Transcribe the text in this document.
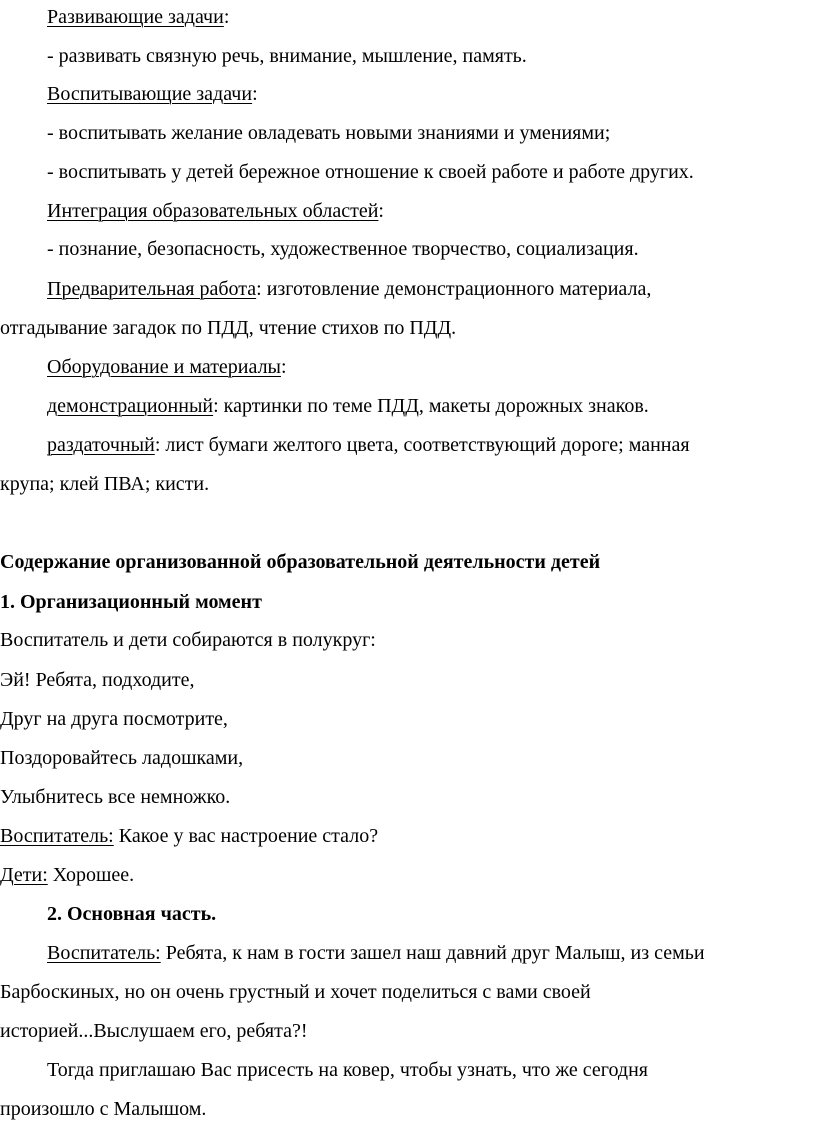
Развивающие задачи:
- развивать связную речь, внимание, мышление, память.
Воспитывающие задачи:
- воспитывать желание овладевать новыми знаниями и умениями;
- воспитывать у детей бережное отношение к своей работе и работе других.
Интеграция образовательных областей:
- познание, безопасность, художественное творчество, социализация.
Предварительная работа: изготовление демонстрационного материала,
отгадывание загадок по ПДД, чтение стихов по ПДД.
Оборудование и материалы:
демонстрационный: картинки по теме ПДД, макеты дорожных знаков.
раздаточный: лист бумаги желтого цвета, соответствующий дороге; манная
крупа; клей ПВА; кисти.
Содержание организованной образовательной деятельности детей
1. Организационный момент
Воспитатель и дети собираются в полукруг:
Эй! Ребята, подходите,
Друг на друга посмотрите,
Поздоровайтесь ладошками,
Улыбнитесь все немножко.
Воспитатель: Какое у вас настроение стало?
Дети: Хорошее.
2. Основная часть.
Воспитатель: Ребята, к нам в гости зашел наш давний друг Малыш, из семьи
Барбоскиных, но он очень грустный и хочет поделиться с вами своей
историей...Выслушаем его, ребята?!
Тогда приглашаю Вас присесть на ковер, чтобы узнать, что же сегодня
произошло с Малышом.
